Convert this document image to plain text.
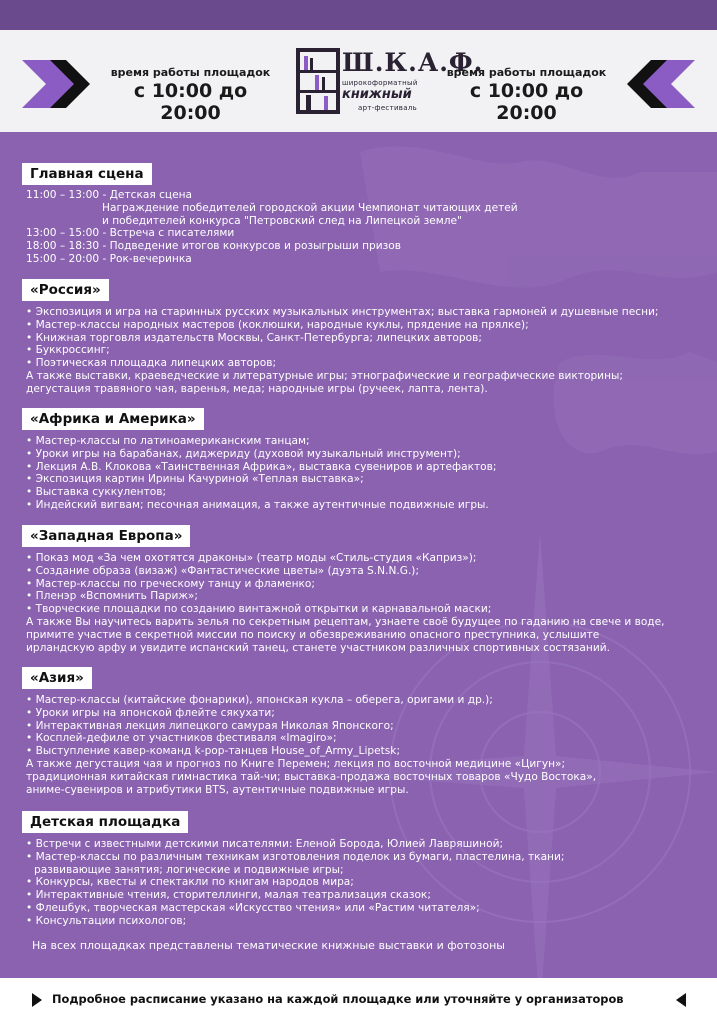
время работы площадок
с 10:00 до 20:00
Ш.К.А.Ф.
широкоформатный
книжный
арт-фестиваль
время работы площадок
с 10:00 до 20:00
Главная сцена
11:00 – 13:00 - Детская сцена
Награждение победителей городской акции Чемпионат читающих детей
и победителей конкурса "Петровский след на Липецкой земле"
13:00 – 15:00 - Встреча с писателями
18:00 – 18:30 - Подведение итогов конкурсов и розыгрыши призов
15:00 – 20:00 - Рок-вечеринка
«Россия»
• Экспозиция и игра на старинных русских музыкальных инструментах; выставка гармоней и душевные песни;
• Мастер-классы народных мастеров (коклюшки, народные куклы, прядение на прялке);
• Книжная торговля издательств Москвы, Санкт-Петербурга; липецких авторов;
• Буккроссинг;
• Поэтическая площадка липецких авторов;
А также выставки, краеведческие и литературные игры; этнографические и географические викторины;
дегустация травяного чая, варенья, меда; народные игры (ручеек, лапта, лента).
«Африка и Америка»
• Мастер-классы по латиноамериканским танцам;
• Уроки игры на барабанах, диджериду (духовой музыкальный инструмент);
• Лекция А.В. Клокова «Таинственная Африка», выставка сувениров и артефактов;
• Экспозиция картин Ирины Качуриной «Теплая выставка»;
• Выставка суккулентов;
• Индейский вигвам; песочная анимация, а также аутентичные подвижные игры.
«Западная Европа»
• Показ мод «За чем охотятся драконы» (театр моды «Стиль-студия «Каприз»);
• Создание образа (визаж) «Фантастические цветы» (дуэта S.N.N.G.);
• Мастер-классы по греческому танцу и фламенко;
• Пленэр «Вспомнить Париж»;
• Творческие площадки по созданию винтажной открытки и карнавальной маски;
А также Вы научитесь варить зелья по секретным рецептам, узнаете своё будущее по гаданию на свече и воде,
примите участие в секретной миссии по поиску и обезвреживанию опасного преступника, услышите
ирландскую арфу и увидите испанский танец, станете участником различных спортивных состязаний.
«Азия»
• Мастер-классы (китайские фонарики), японская кукла – оберега, оригами и др.);
• Уроки игры на японской флейте сякухати;
• Интерактивная лекция липецкого самурая Николая Японского;
• Косплей-дефиле от участников фестиваля «Imagiro»;
• Выступление кавер-команд k-pop-танцев House_of_Army_Lipetsk;
А также дегустация чая и прогноз по Книге Перемен; лекция по восточной медицине «Цигун»;
традиционная китайская гимнастика тай-чи; выставка-продажа восточных товаров «Чудо Востока»,
аниме-сувениров и атрибутики BTS, аутентичные подвижные игры.
Детская площадка
• Встречи с известными детскими писателями: Еленой Борода, Юлией Лавряшиной;
• Мастер-классы по различным техникам изготовления поделок из бумаги, пластелина, ткани;
развивающие занятия; логические и подвижные игры;
• Конкурсы, квесты и спектакли по книгам народов мира;
• Интерактивные чтения, сторителлинги, малая театрализация сказок;
• Флешбук, творческая мастерская «Искусство чтения» или «Растим читателя»;
• Консультации психологов;
На всех площадках представлены тематические книжные выставки и фотозоны
Подробное расписание указано на каждой площадке или уточняйте у организаторов
